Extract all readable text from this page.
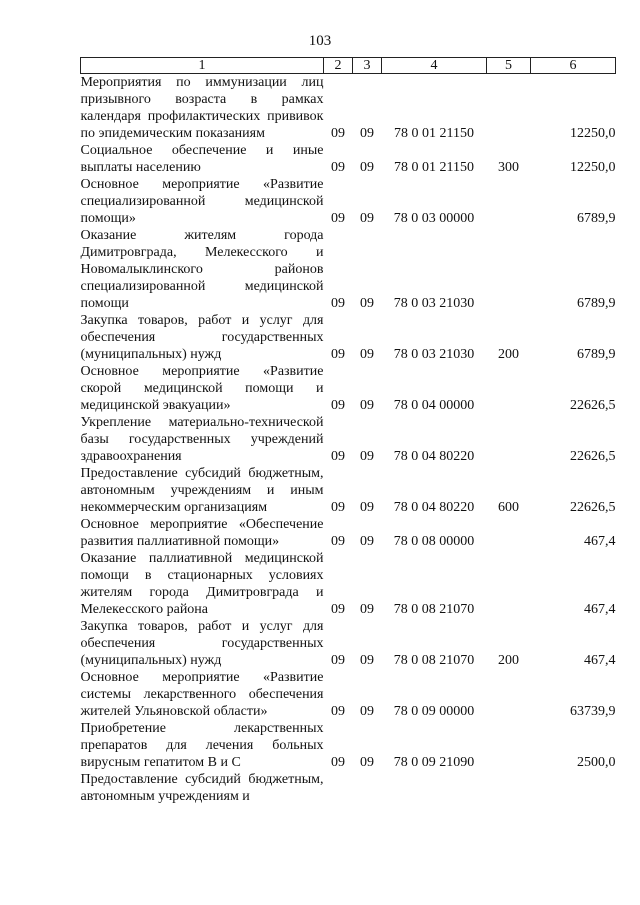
103
1	2	3	4	5	6
Мероприятия по иммунизации лиц призывного возраста в рамках календаря профилактических прививок по эпидемическим показаниям	09	09	78 0 01 21150		12250,0
Социальное обеспечение и иные выплаты населению	09	09	78 0 01 21150	300	12250,0
Основное мероприятие «Развитие специализированной медицинской помощи»	09	09	78 0 03 00000		6789,9
Оказание жителям города Димитровграда, Мелекесского и Новомалыклинского районов специализированной медицинской помощи	09	09	78 0 03 21030		6789,9
Закупка товаров, работ и услуг для обеспечения государственных (муниципальных) нужд	09	09	78 0 03 21030	200	6789,9
Основное мероприятие «Развитие скорой медицинской помощи и медицинской эвакуации»	09	09	78 0 04 00000		22626,5
Укрепление материально-технической базы государственных учреждений здравоохранения	09	09	78 0 04 80220		22626,5
Предоставление субсидий бюджетным, автономным учреждениям и иным некоммерческим организациям	09	09	78 0 04 80220	600	22626,5
Основное мероприятие «Обеспечение развития паллиативной помощи»	09	09	78 0 08 00000		467,4
Оказание паллиативной медицинской помощи в стационарных условиях жителям города Димитровграда и Мелекесского района	09	09	78 0 08 21070		467,4
Закупка товаров, работ и услуг для обеспечения государственных (муниципальных) нужд	09	09	78 0 08 21070	200	467,4
Основное мероприятие «Развитие системы лекарственного обеспечения жителей Ульяновской области»	09	09	78 0 09 00000		63739,9
Приобретение лекарственных препаратов для лечения больных вирусным гепатитом В и С	09	09	78 0 09 21090		2500,0
Предоставление субсидий бюджетным, автономным учреждениям и					
